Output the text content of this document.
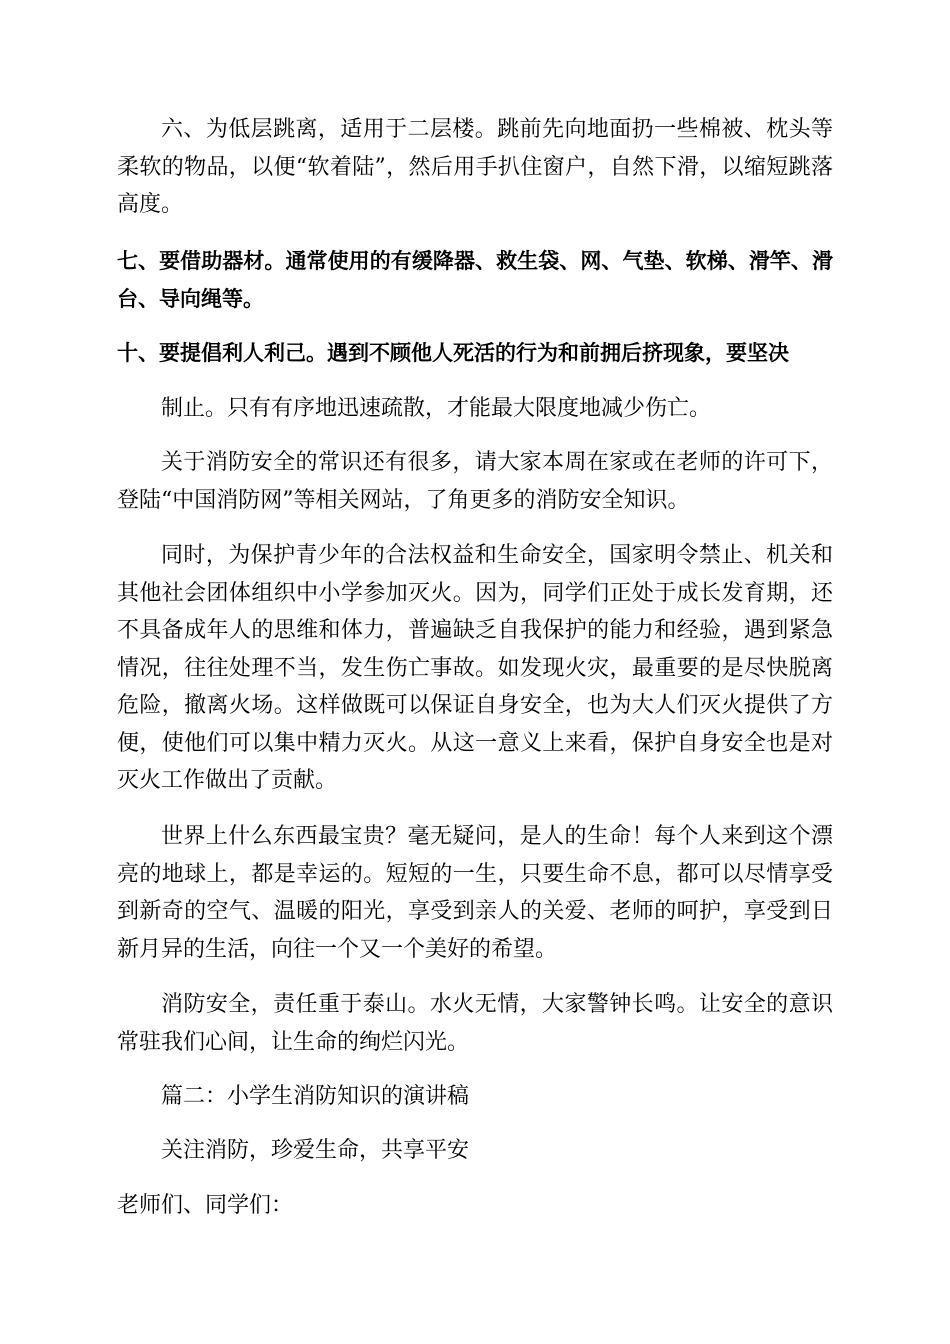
六、为低层跳离，适用于二层楼。跳前先向地面扔一些棉被、枕头等柔软的物品，以便“软着陆”，然后用手扒住窗户，自然下滑，以缩短跳落高度。

七、要借助器材。通常使用的有缓降器、救生袋、网、气垫、软梯、滑竿、滑台、导向绳等。

十、要提倡利人利己。遇到不顾他人死活的行为和前拥后挤现象，要坚决

制止。只有有序地迅速疏散，才能最大限度地减少伤亡。

关于消防安全的常识还有很多，请大家本周在家或在老师的许可下，登陆“中国消防网”等相关网站，了角更多的消防安全知识。

同时，为保护青少年的合法权益和生命安全，国家明令禁止、机关和其他社会团体组织中小学参加灭火。因为，同学们正处于成长发育期，还不具备成年人的思维和体力，普遍缺乏自我保护的能力和经验，遇到紧急情况，往往处理不当，发生伤亡事故。如发现火灾，最重要的是尽快脱离危险，撤离火场。这样做既可以保证自身安全，也为大人们灭火提供了方便，使他们可以集中精力灭火。从这一意义上来看，保护自身安全也是对灭火工作做出了贡献。

世界上什么东西最宝贵？毫无疑问，是人的生命！每个人来到这个漂亮的地球上，都是幸运的。短短的一生，只要生命不息，都可以尽情享受到新奇的空气、温暖的阳光，享受到亲人的关爱、老师的呵护，享受到日新月异的生活，向往一个又一个美好的希望。

消防安全，责任重于泰山。水火无情，大家警钟长鸣。让安全的意识常驻我们心间，让生命的绚烂闪光。

篇二：小学生消防知识的演讲稿

关注消防，珍爱生命，共享平安

老师们、同学们：
